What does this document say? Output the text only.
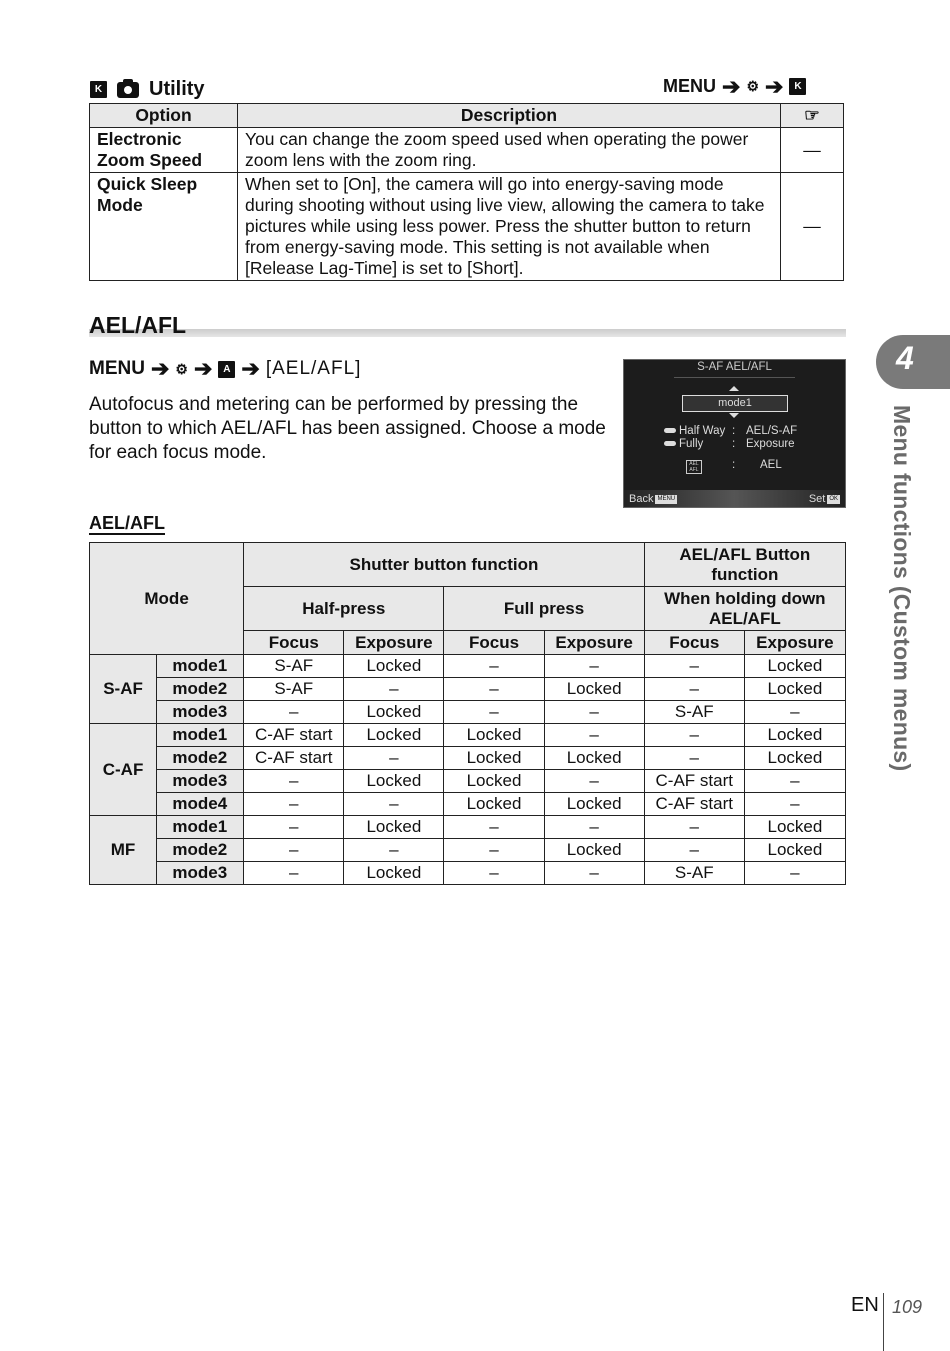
K Utility	MENU ➔ ⚙ ➔	K
Option	Description	☞
Electronic Zoom Speed	You can change the zoom speed used when operating the power zoom lens with the zoom ring.	—
Quick Sleep Mode	When set to [On], the camera will go into energy-saving mode during shooting without using live view, allowing the camera to take pictures while using less power. Press the shutter button to return from energy-saving mode. This setting is not available when [Release Lag-Time] is set to [Short].	—
AEL/AFL
MENU ➔ ⚙ ➔	A ➔ [AEL/AFL]
Autofocus and metering can be performed by pressing the button to which AEL/AFL has been assigned. Choose a mode for each focus mode.
S-AF AEL/AFL
mode1
Half Way : AEL/S-AF
Fully : Exposure
AEL AFL	: AEL
Back MENU	Set OK
AEL/AFL
Mode		Shutter button function				AEL/AFL Button function	
		Half-press		Full press		When holding down AEL/AFL	
		Focus	Exposure	Focus	Exposure	Focus	Exposure
S-AF	mode1	S-AF	Locked	–	–	–	Locked
	mode2	S-AF	–	–	Locked	–	Locked
	mode3	–	Locked	–	–	S-AF	–
C-AF	mode1	C-AF start	Locked	Locked	–	–	Locked
	mode2	C-AF start	–	Locked	Locked	–	Locked
	mode3	–	Locked	Locked	–	C-AF start	–
	mode4	–	–	Locked	Locked	C-AF start	–
MF	mode1	–	Locked	–	–	–	Locked
	mode2	–	–	–	Locked	–	Locked
	mode3	–	Locked	–	–	S-AF	–
4
Menu functions (Custom menus)
EN 109
